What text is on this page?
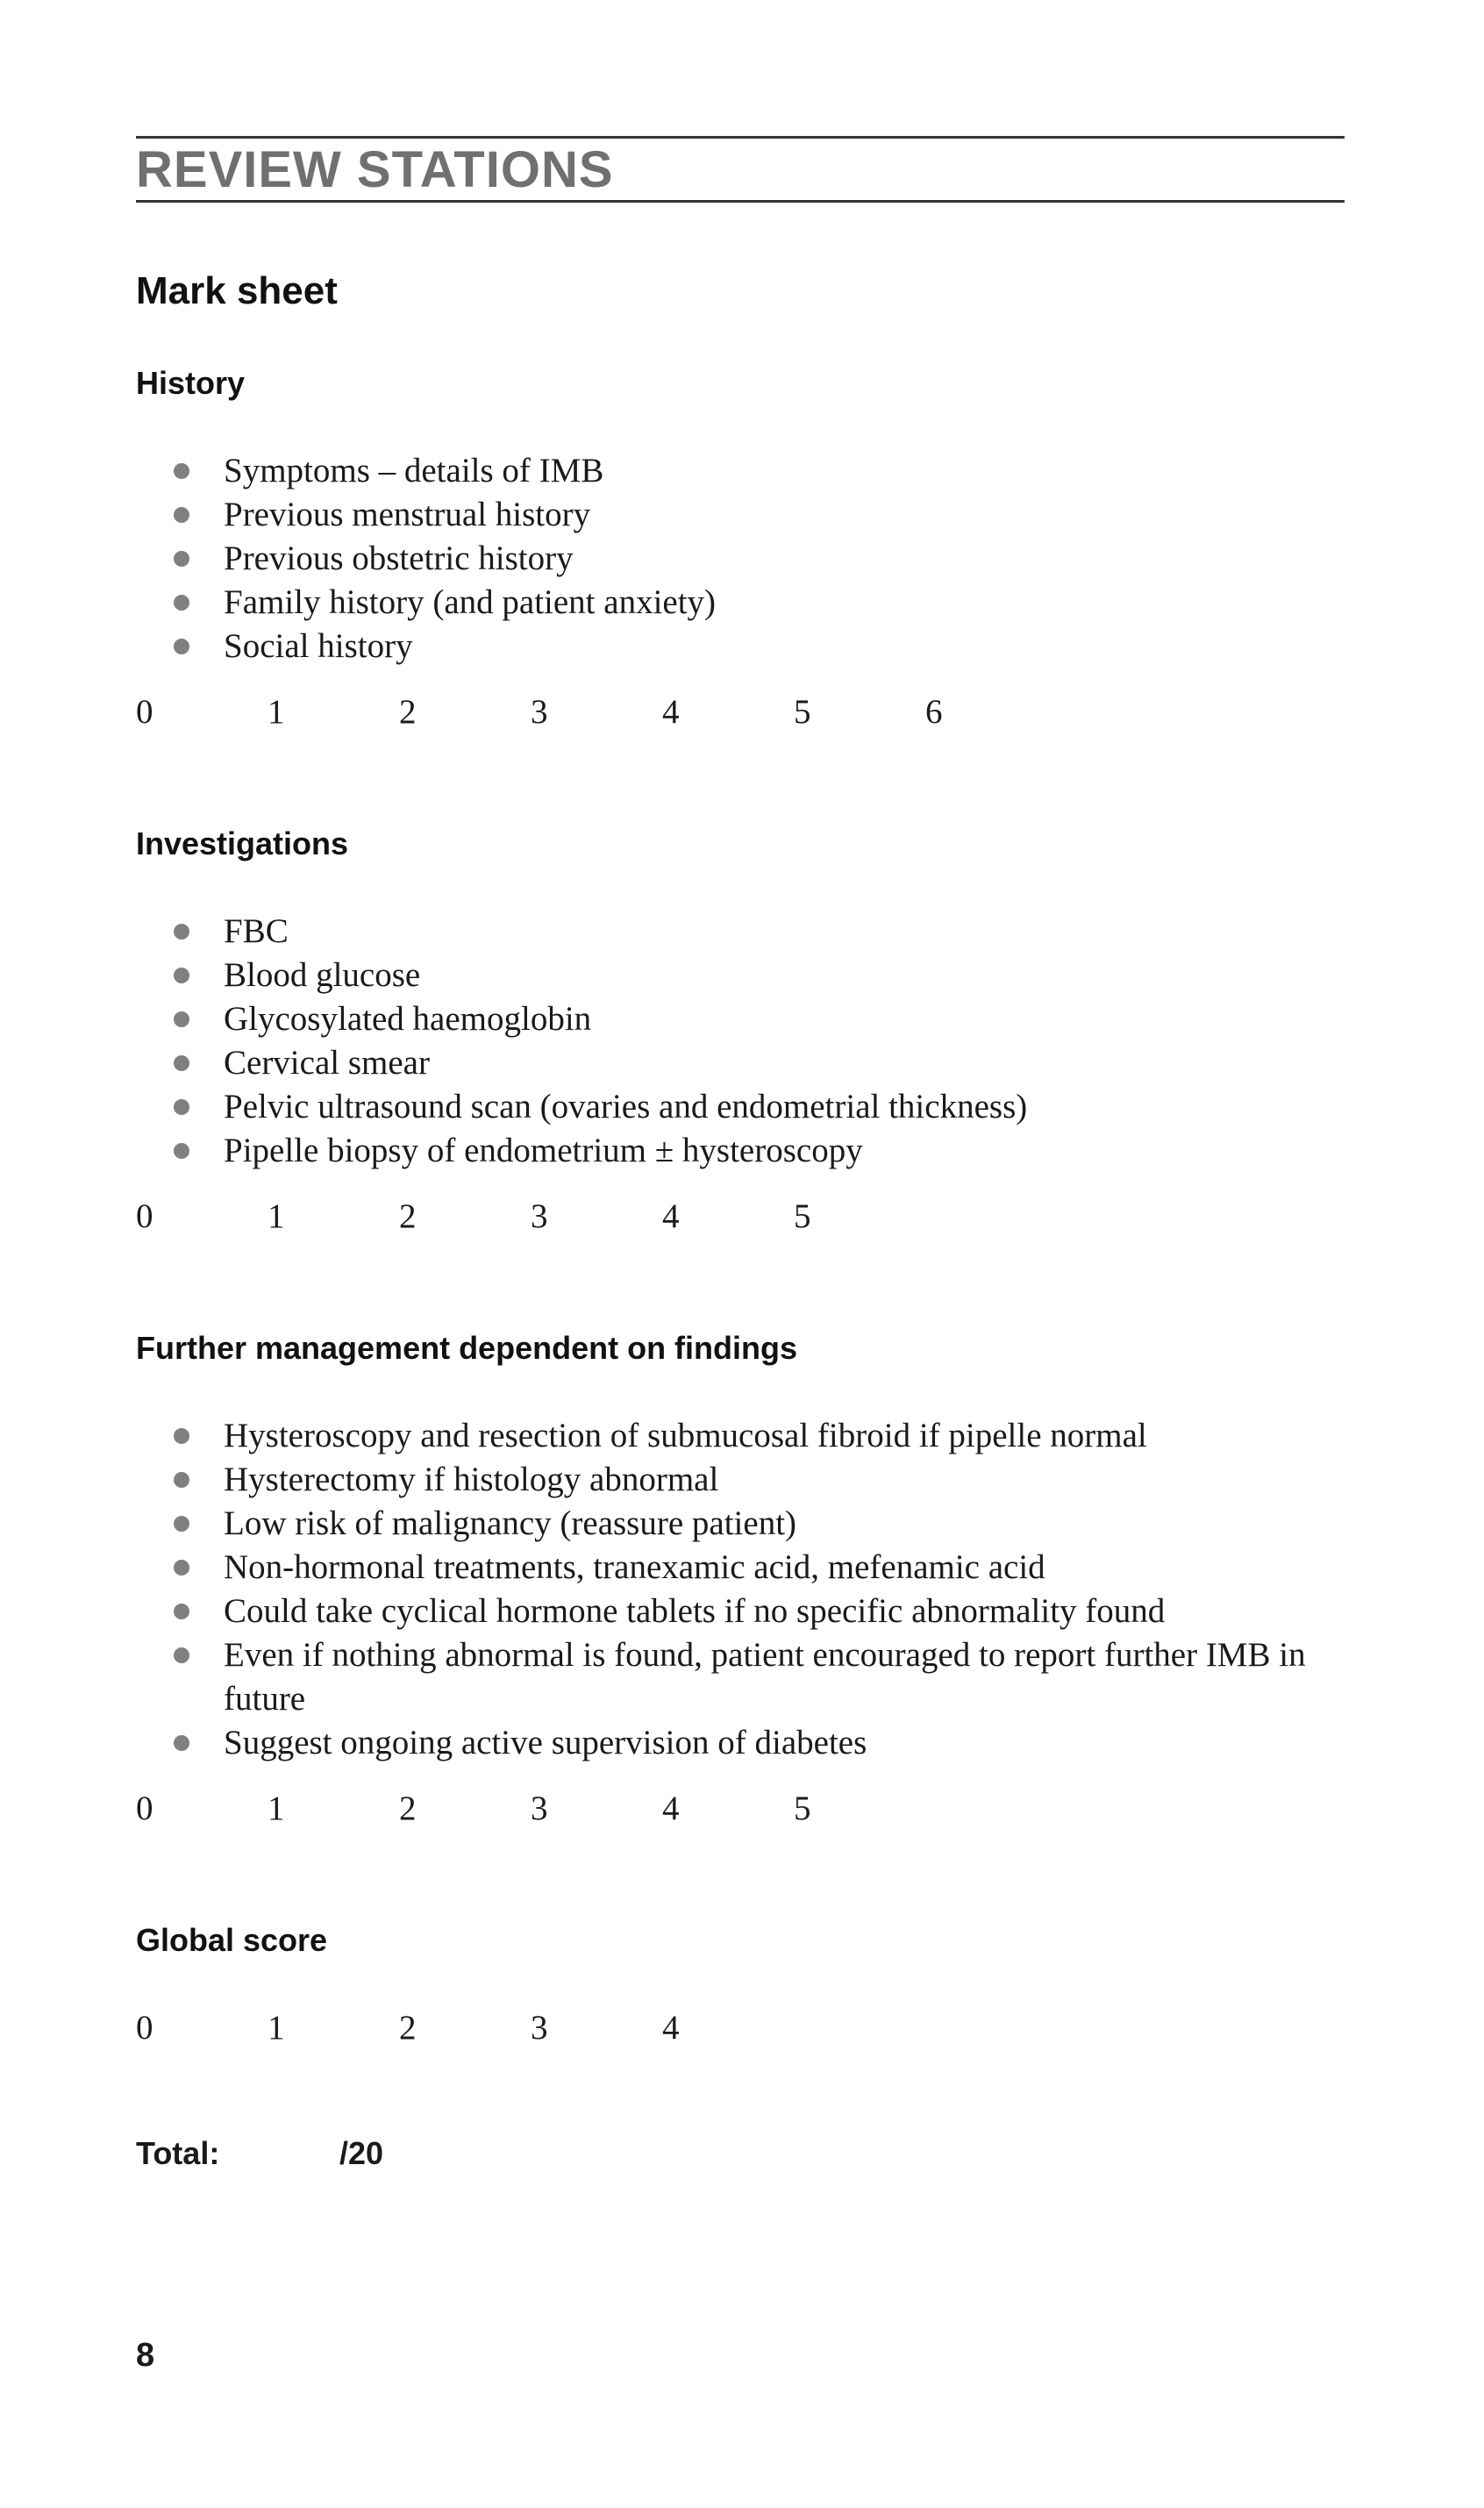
REVIEW STATIONS
Mark sheet
History
Symptoms – details of IMB
Previous menstrual history
Previous obstetric history
Family history (and patient anxiety)
Social history
0	1	2	3	4	5	6
Investigations
FBC
Blood glucose
Glycosylated haemoglobin
Cervical smear
Pelvic ultrasound scan (ovaries and endometrial thickness)
Pipelle biopsy of endometrium ± hysteroscopy
0	1	2	3	4	5
Further management dependent on findings
Hysteroscopy and resection of submucosal fibroid if pipelle normal
Hysterectomy if histology abnormal
Low risk of malignancy (reassure patient)
Non-hormonal treatments, tranexamic acid, mefenamic acid
Could take cyclical hormone tablets if no specific abnormality found
Even if nothing abnormal is found, patient encouraged to report further IMB in future
Suggest ongoing active supervision of diabetes
0	1	2	3	4	5
Global score
0	1	2	3	4
Total:	/20
8
